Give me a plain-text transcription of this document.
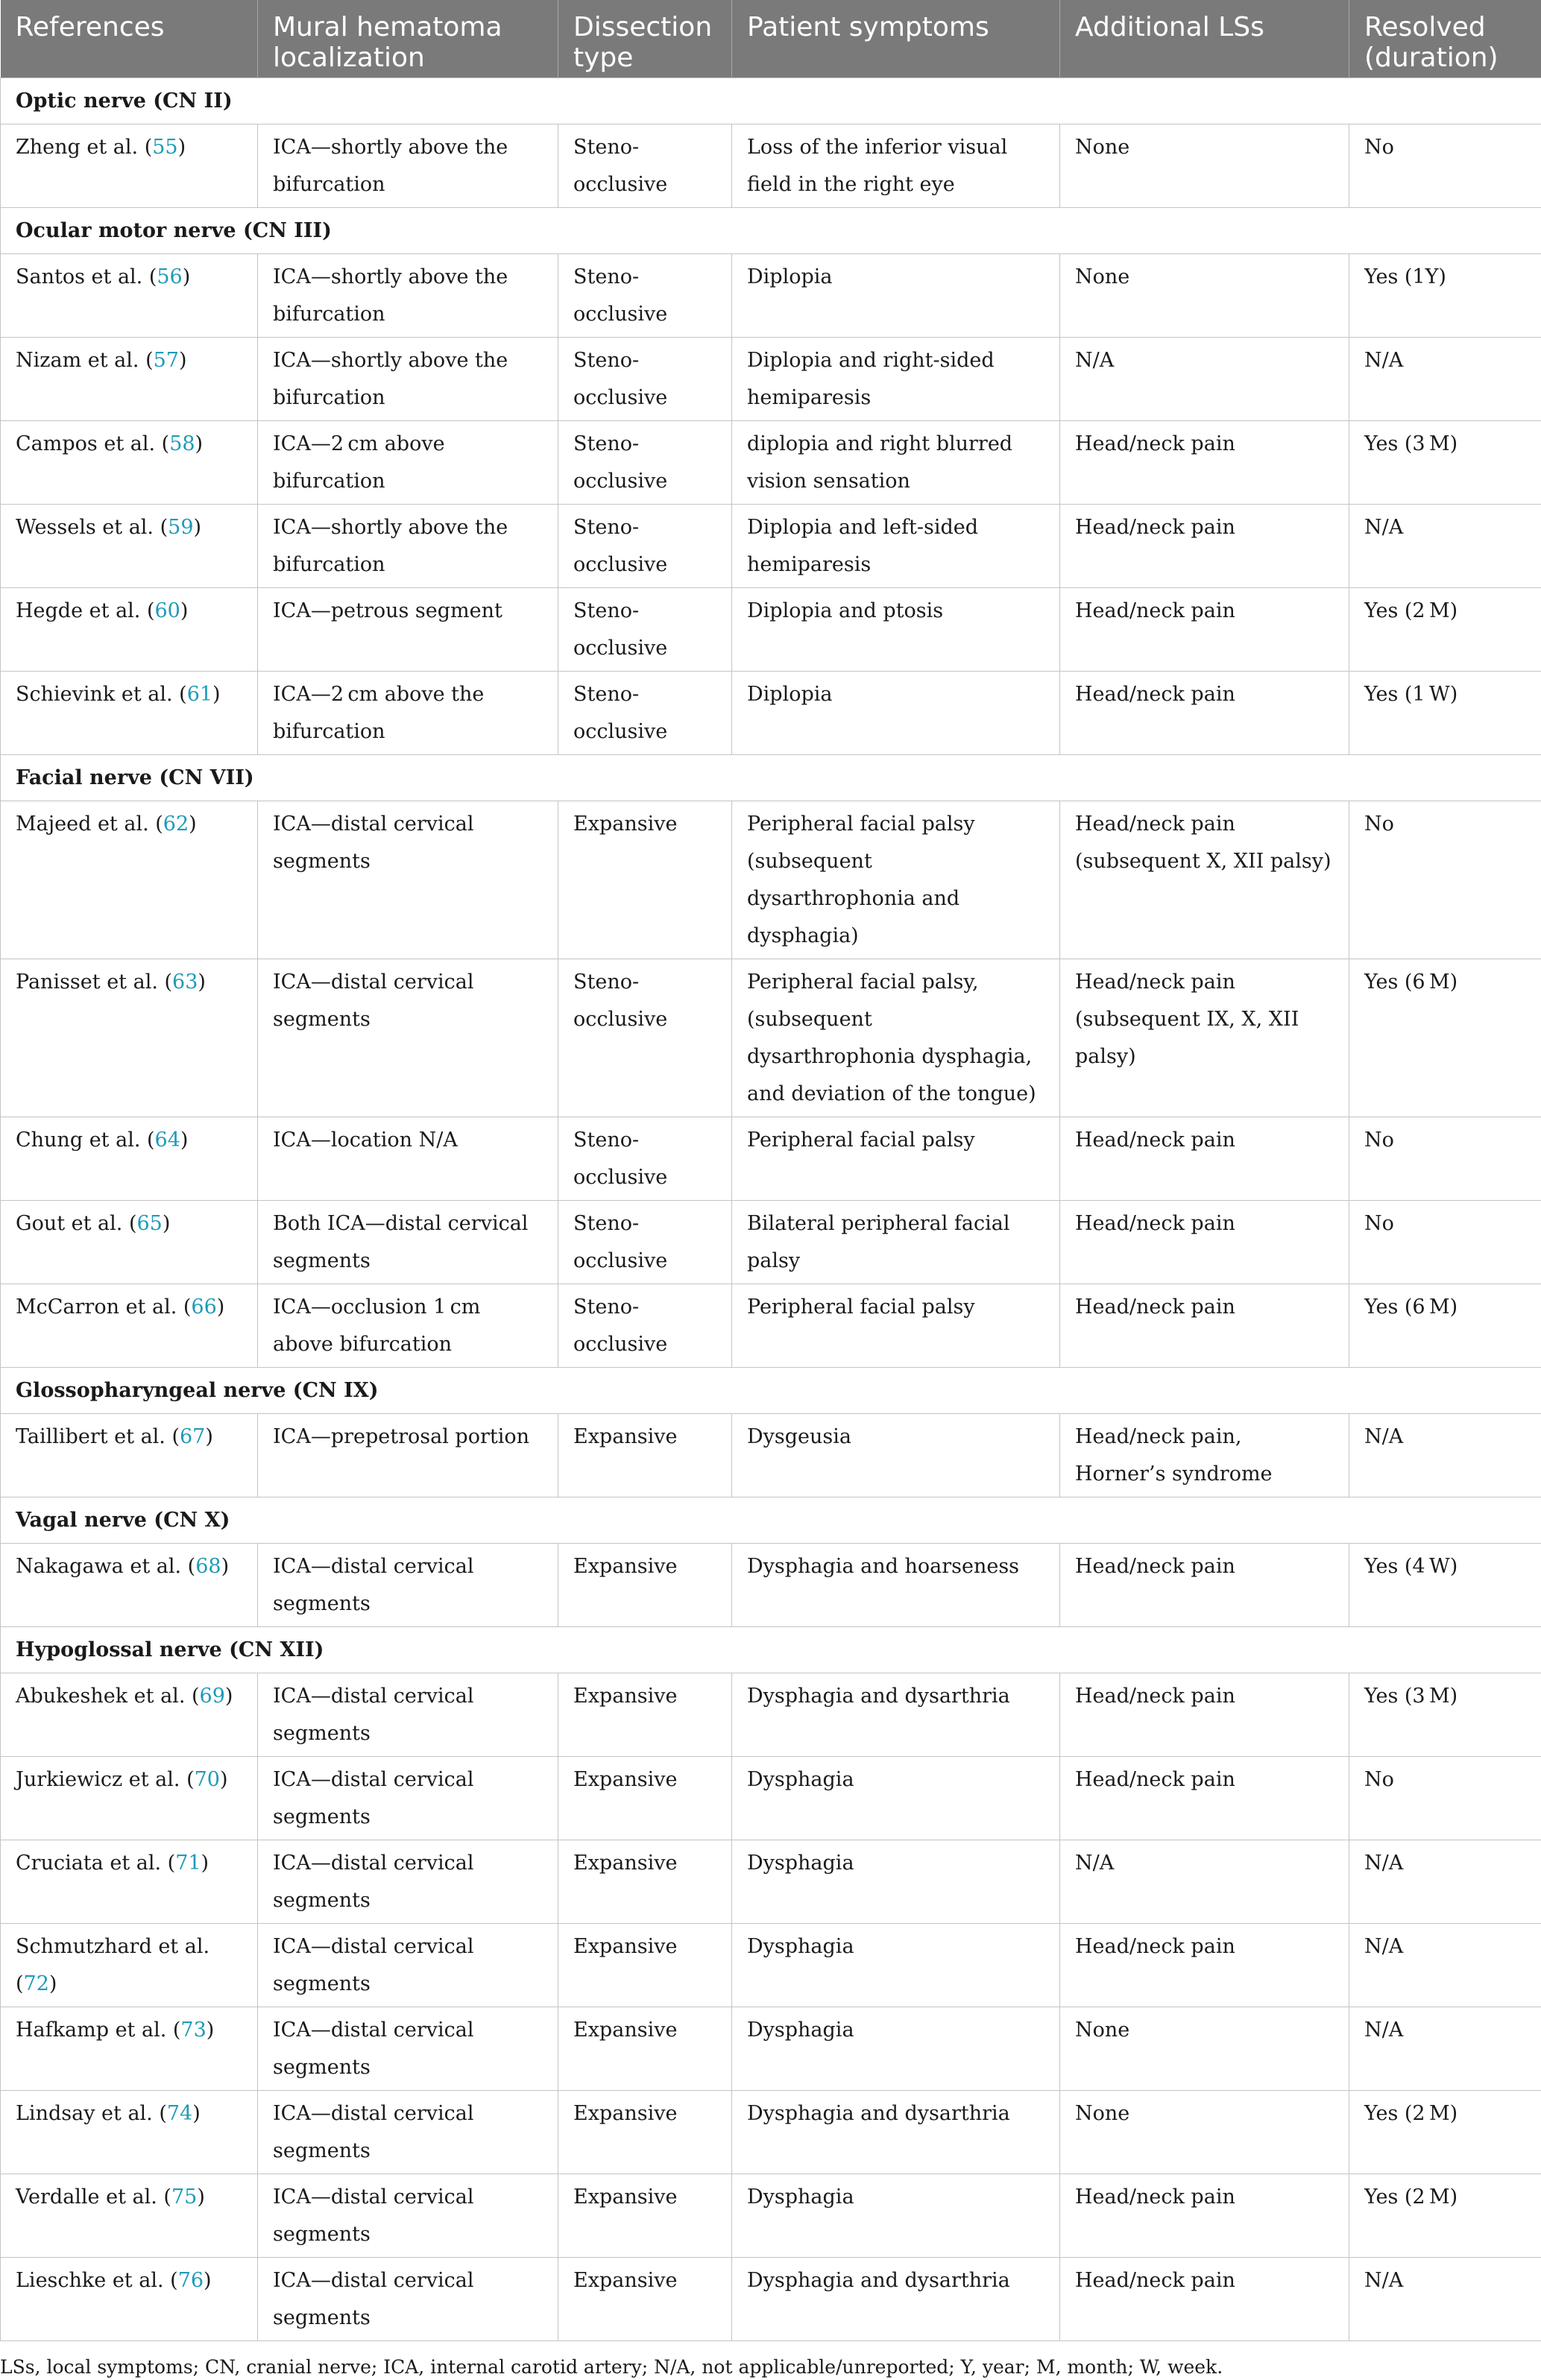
References	Mural hematoma localization	Dissection type	Patient symptoms	Additional LSs	Resolved (duration)
Optic nerve (CN II)					
Zheng et al. (55)	ICA—shortly above the bifurcation	Steno-occlusive	Loss of the inferior visual field in the right eye	None	No
Ocular motor nerve (CN III)					
Santos et al. (56)	ICA—shortly above the bifurcation	Steno-occlusive	Diplopia	None	Yes (1Y)
Nizam et al. (57)	ICA—shortly above the bifurcation	Steno-occlusive	Diplopia and right-sided hemiparesis	N/A	N/A
Campos et al. (58)	ICA—2 cm above bifurcation	Steno-occlusive	diplopia and right blurred vision sensation	Head/neck pain	Yes (3 M)
Wessels et al. (59)	ICA—shortly above the bifurcation	Steno-occlusive	Diplopia and left-sided hemiparesis	Head/neck pain	N/A
Hegde et al. (60)	ICA—petrous segment	Steno-occlusive	Diplopia and ptosis	Head/neck pain	Yes (2 M)
Schievink et al. (61)	ICA—2 cm above the bifurcation	Steno-occlusive	Diplopia	Head/neck pain	Yes (1 W)
Facial nerve (CN VII)					
Majeed et al. (62)	ICA—distal cervical segments	Expansive	Peripheral facial palsy (subsequent dysarthrophonia and dysphagia)	Head/neck pain (subsequent X, XII palsy)	No
Panisset et al. (63)	ICA—distal cervical segments	Steno-occlusive	Peripheral facial palsy, (subsequent dysarthrophonia dysphagia, and deviation of the tongue)	Head/neck pain (subsequent IX, X, XII palsy)	Yes (6 M)
Chung et al. (64)	ICA—location N/A	Steno-occlusive	Peripheral facial palsy	Head/neck pain	No
Gout et al. (65)	Both ICA—distal cervical segments	Steno-occlusive	Bilateral peripheral facial palsy	Head/neck pain	No
McCarron et al. (66)	ICA—occlusion 1 cm above bifurcation	Steno-occlusive	Peripheral facial palsy	Head/neck pain	Yes (6 M)
Glossopharyngeal nerve (CN IX)					
Taillibert et al. (67)	ICA—prepetrosal portion	Expansive	Dysgeusia	Head/neck pain, Horner’s syndrome	N/A
Vagal nerve (CN X)					
Nakagawa et al. (68)	ICA—distal cervical segments	Expansive	Dysphagia and hoarseness	Head/neck pain	Yes (4 W)
Hypoglossal nerve (CN XII)					
Abukeshek et al. (69)	ICA—distal cervical segments	Expansive	Dysphagia and dysarthria	Head/neck pain	Yes (3 M)
Jurkiewicz et al. (70)	ICA—distal cervical segments	Expansive	Dysphagia	Head/neck pain	No
Cruciata et al. (71)	ICA—distal cervical segments	Expansive	Dysphagia	N/A	N/A
Schmutzhard et al. (72)	ICA—distal cervical segments	Expansive	Dysphagia	Head/neck pain	N/A
Hafkamp et al. (73)	ICA—distal cervical segments	Expansive	Dysphagia	None	N/A
Lindsay et al. (74)	ICA—distal cervical segments	Expansive	Dysphagia and dysarthria	None	Yes (2 M)
Verdalle et al. (75)	ICA—distal cervical segments	Expansive	Dysphagia	Head/neck pain	Yes (2 M)
Lieschke et al. (76)	ICA—distal cervical segments	Expansive	Dysphagia and dysarthria	Head/neck pain	N/A
LSs, local symptoms; CN, cranial nerve; ICA, internal carotid artery; N/A, not applicable/unreported; Y, year; M, month; W, week.
